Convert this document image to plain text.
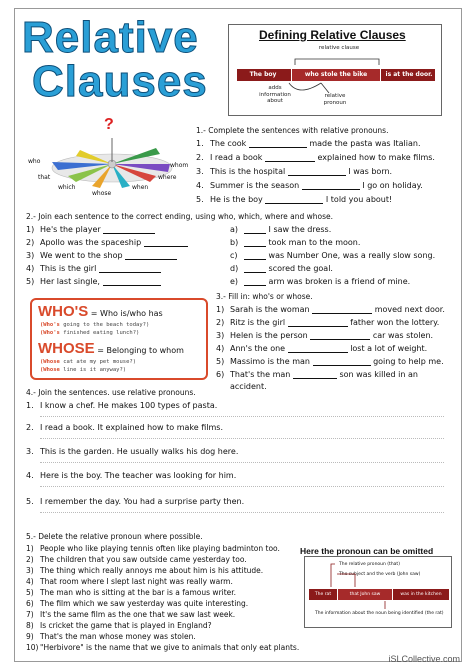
Relative
Clauses
Defining Relative Clauses
relative clause
The boy	who stole the bike	is at the door.
adds information about
relative pronoun
?
who
that
which
whose
when
where
whom
1.- Complete the sentences with relative pronouns.
1. The cook	made the pasta was Italian.
2. I read a book	explained how to make films.
3. This is the hospital	I was born.
4. Summer is the season	I go on holiday.
5. He is the boy	I told you about!
2.- Join each sentence to the correct ending, using who, which, where and whose.
1) He's the player
2) Apollo was the spaceship
3) We went to the shop
4) This is the girl
5) Her last single,
a)	I saw the dress.
b)	took man to the moon.
c)	was Number One, was a really slow song.
d)	scored the goal.
e)	arm was broken is a friend of mine.
WHO'S = Who is/who has
(Who's going to the beach today?)
(Who's finished eating lunch?)
WHOSE = Belonging to whom
(Whose cat ate my pet mouse?)
(Whose line is it anyway?)
3.- Fill in: who's or whose.
1) Sarah is the woman	moved next door.
2) Ritz is the girl	father won the lottery.
3) Helen is the person	car was stolen.
4) Ann's the one	lost a lot of weight.
5) Massimo is the man	going to help me.
6) That's the man	son was killed in an
accident.
4.- Join the sentences. use relative pronouns.
1. I know a chef. He makes 100 types of pasta.
2. I read a book. It explained how to make films.
3. This is the garden. He usually walks his dog here.
4. Here is the boy. The teacher was looking for him.
5. I remember the day. You had a surprise party then.
5.- Delete the relative pronoun where possible.
1) People who like playing tennis often like playing badminton too.
2) The children that you saw outside came yesterday too.
3) The thing which really annoys me about him is his attitude.
4) That room where I slept last night was really warm.
5) The man who is sitting at the bar is a famous writer.
6) The film which we saw yesterday was quite interesting.
7) It's the same film as the one that we saw last week.
8) Is cricket the game that is played in England?
9) That's the man whose money was stolen.
10) "Herbivore" is the name that we give to animals that only eat plants.
Here the pronoun can be omitted
The relative pronoun (that)
The subject and the verb (John saw)
The rat	that John saw yesterday
was in the kitchen earlier
The information about the noun being identified (the rat)
iSLCollective.com
